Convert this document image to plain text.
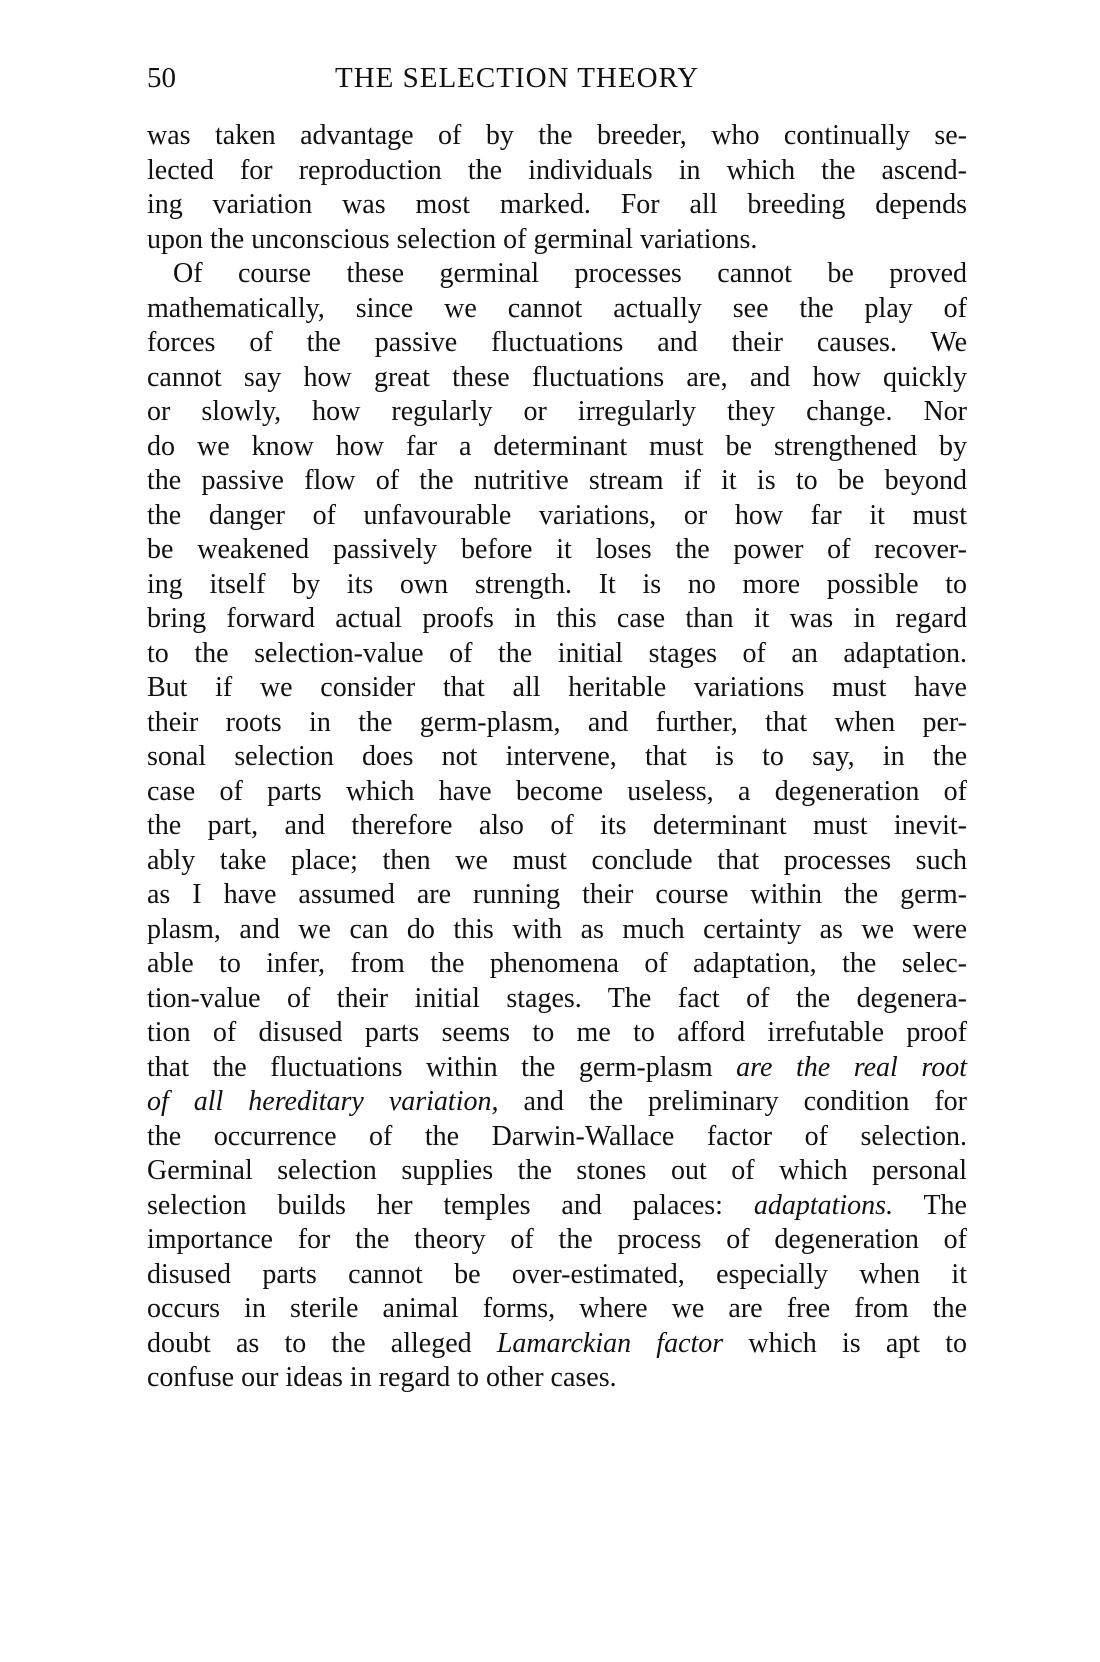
50	THE SELECTION THEORY
was taken advantage of by the breeder, who continually se-
lected for reproduction the individuals in which the ascend-
ing variation was most marked. For all breeding depends
upon the unconscious selection of germinal variations.
Of course these germinal processes cannot be proved
mathematically, since we cannot actually see the play of
forces of the passive fluctuations and their causes. We
cannot say how great these fluctuations are, and how quickly
or slowly, how regularly or irregularly they change. Nor
do we know how far a determinant must be strengthened by
the passive flow of the nutritive stream if it is to be beyond
the danger of unfavourable variations, or how far it must
be weakened passively before it loses the power of recover-
ing itself by its own strength. It is no more possible to
bring forward actual proofs in this case than it was in regard
to the selection-value of the initial stages of an adaptation.
But if we consider that all heritable variations must have
their roots in the germ-plasm, and further, that when per-
sonal selection does not intervene, that is to say, in the
case of parts which have become useless, a degeneration of
the part, and therefore also of its determinant must inevit-
ably take place; then we must conclude that processes such
as I have assumed are running their course within the germ-
plasm, and we can do this with as much certainty as we were
able to infer, from the phenomena of adaptation, the selec-
tion-value of their initial stages. The fact of the degenera-
tion of disused parts seems to me to afford irrefutable proof
that the fluctuations within the germ-plasm are the real root
of all hereditary variation, and the preliminary condition for
the occurrence of the Darwin-Wallace factor of selection.
Germinal selection supplies the stones out of which personal
selection builds her temples and palaces: adaptations. The
importance for the theory of the process of degeneration of
disused parts cannot be over-estimated, especially when it
occurs in sterile animal forms, where we are free from the
doubt as to the alleged Lamarckian factor which is apt to
confuse our ideas in regard to other cases.
